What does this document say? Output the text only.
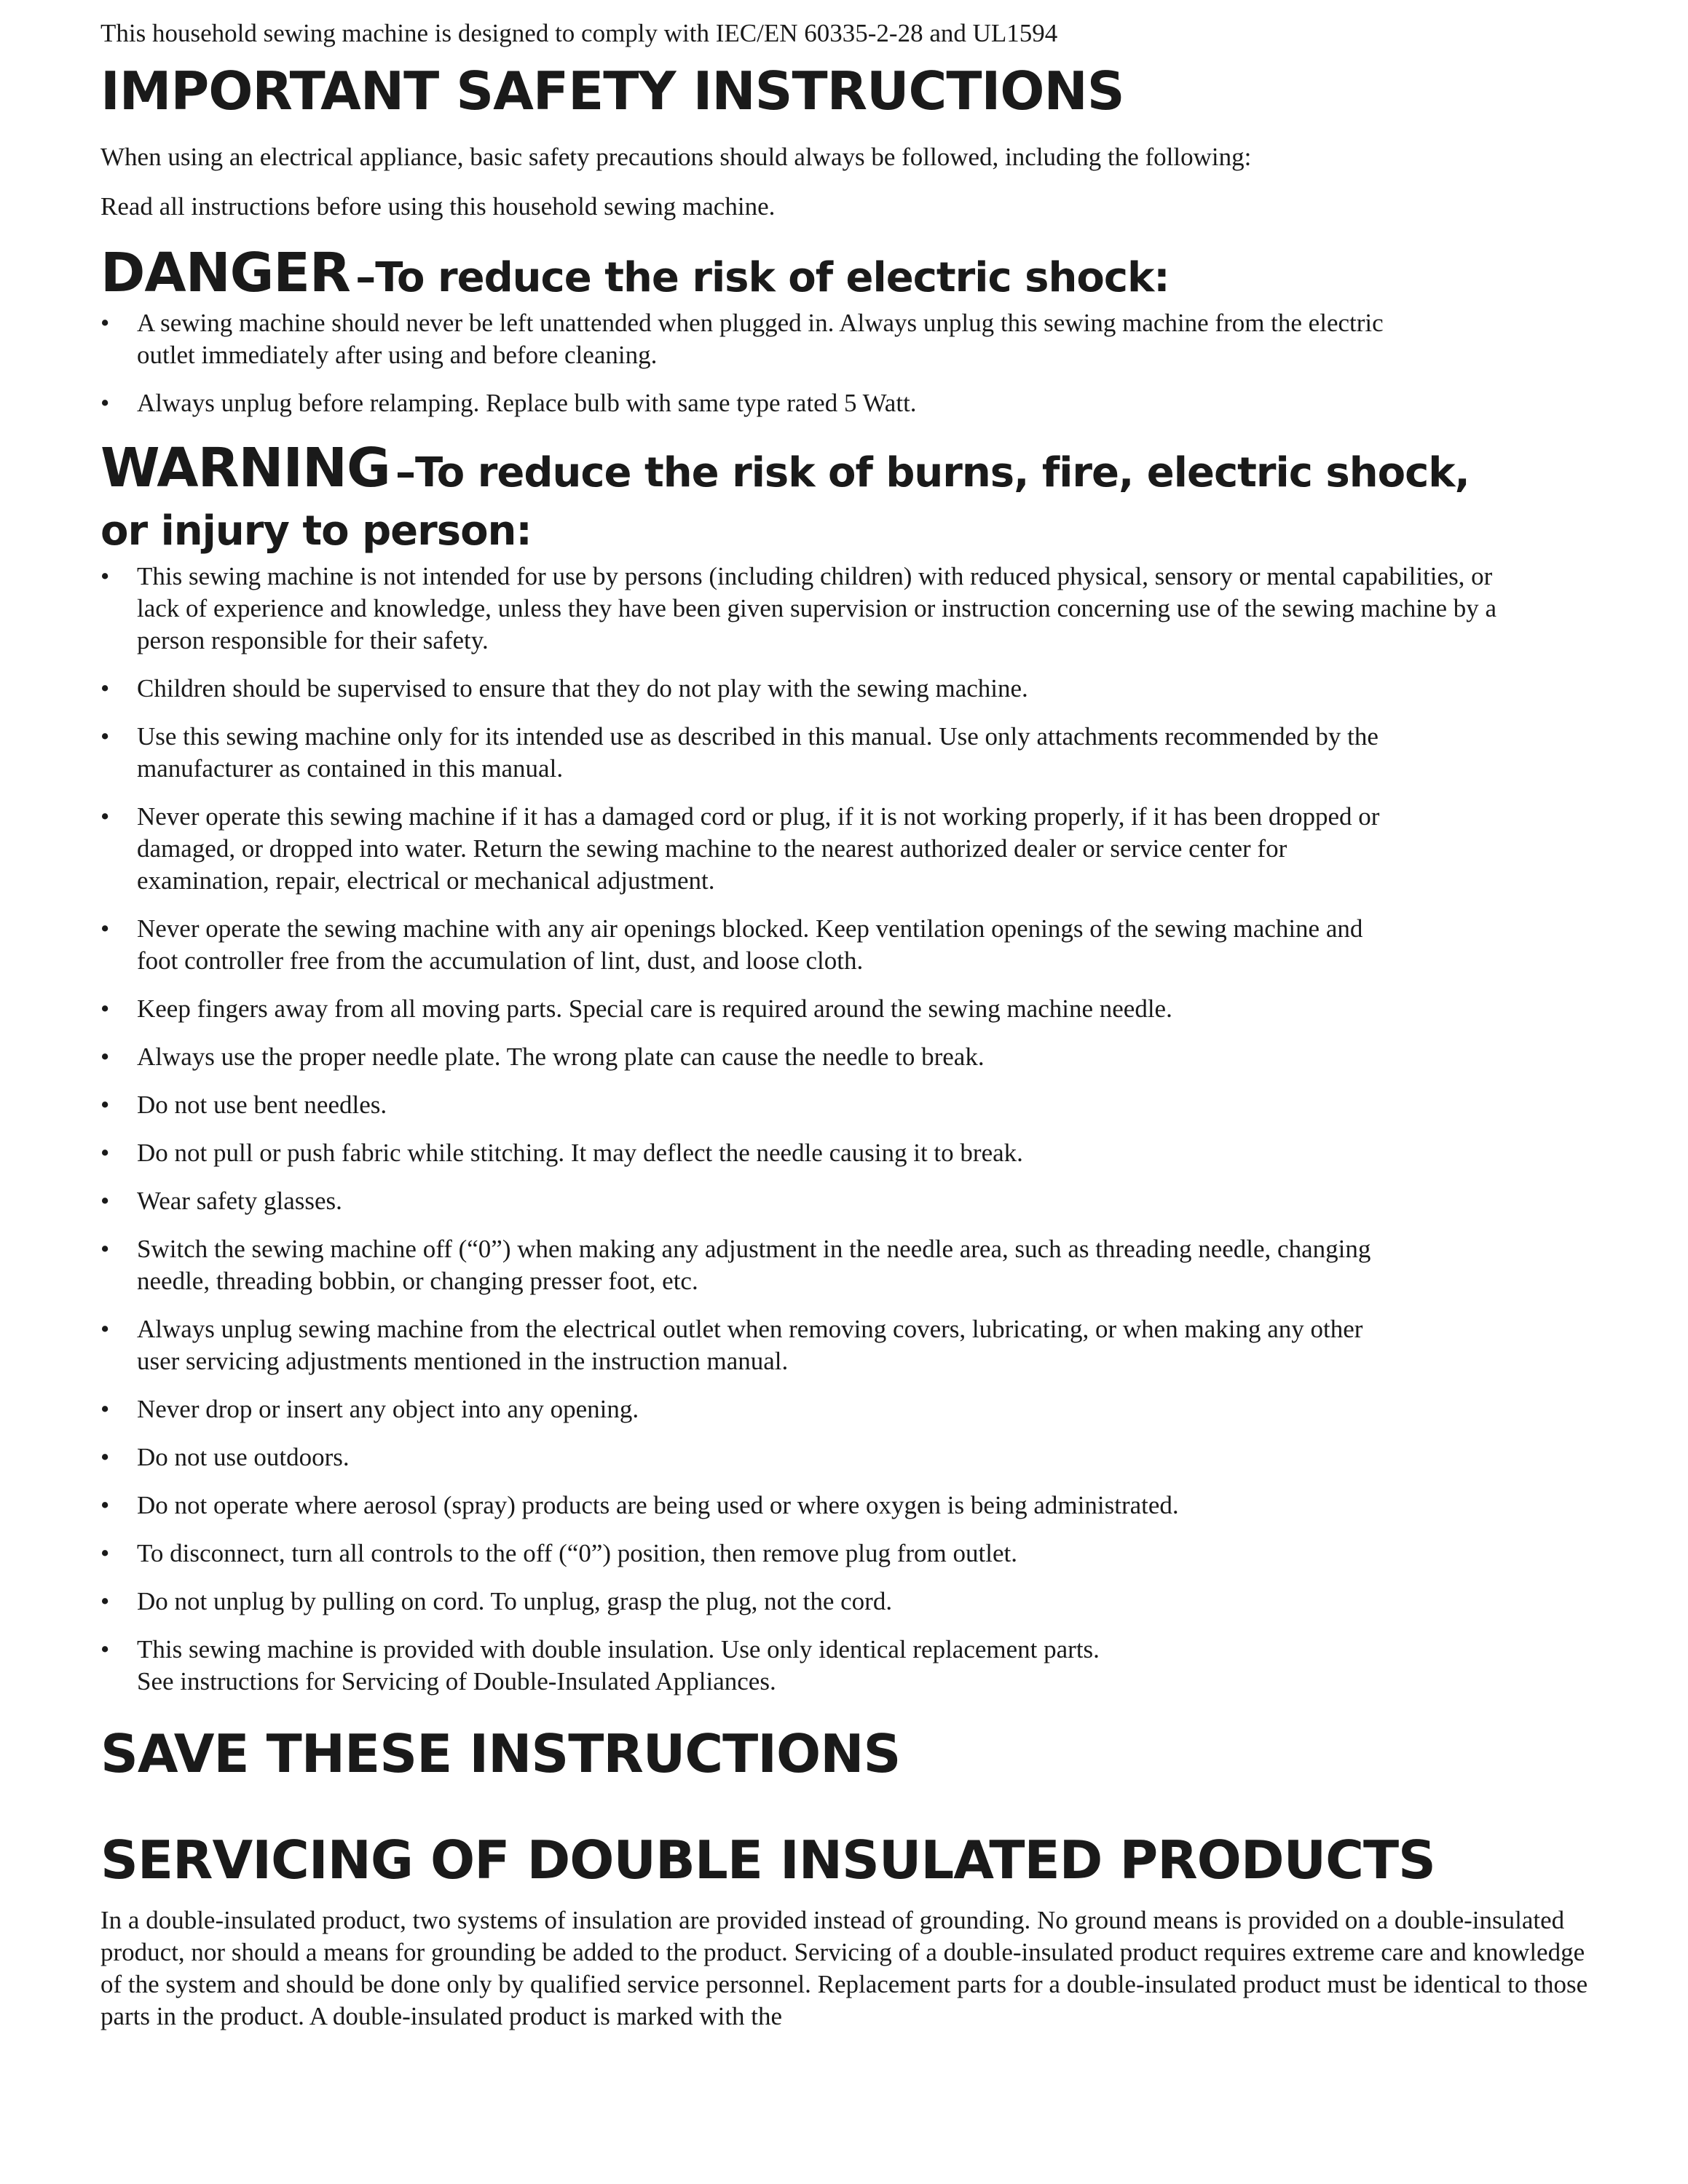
This household sewing machine is designed to comply with IEC/EN 60335-2-28 and UL1594
IMPORTANT SAFETY INSTRUCTIONS

When using an electrical appliance, basic safety precautions should always be followed, including the following:

Read all instructions before using this household sewing machine.

DANGER –To reduce the risk of electric shock:
• A sewing machine should never be left unattended when plugged in. Always unplug this sewing machine from the electric outlet immediately after using and before cleaning.
• Always unplug before relamping. Replace bulb with same type rated 5 Watt.
WARNING –To reduce the risk of burns, fire, electric shock,
or injury to person:
• This sewing machine is not intended for use by persons (including children) with reduced physical, sensory or mental capabilities, or lack of experience and knowledge, unless they have been given supervision or instruction concerning use of the sewing machine by a person responsible for their safety.
• Children should be supervised to ensure that they do not play with the sewing machine.
• Use this sewing machine only for its intended use as described in this manual. Use only attachments recommended by the manufacturer as contained in this manual.
• Never operate this sewing machine if it has a damaged cord or plug, if it is not working properly, if it has been dropped or damaged, or dropped into water. Return the sewing machine to the nearest authorized dealer or service center for examination, repair, electrical or mechanical adjustment.
• Never operate the sewing machine with any air openings blocked. Keep ventilation openings of the sewing machine and foot controller free from the accumulation of lint, dust, and loose cloth.
• Keep fingers away from all moving parts. Special care is required around the sewing machine needle.
• Always use the proper needle plate. The wrong plate can cause the needle to break.
• Do not use bent needles.
• Do not pull or push fabric while stitching. It may deflect the needle causing it to break.
• Wear safety glasses.
• Switch the sewing machine off (“0”) when making any adjustment in the needle area, such as threading needle, changing needle, threading bobbin, or changing presser foot, etc.
• Always unplug sewing machine from the electrical outlet when removing covers, lubricating, or when making any other user servicing adjustments mentioned in the instruction manual.
• Never drop or insert any object into any opening.
• Do not use outdoors.
• Do not operate where aerosol (spray) products are being used or where oxygen is being administrated.
• To disconnect, turn all controls to the off (“0”) position, then remove plug from outlet.
• Do not unplug by pulling on cord. To unplug, grasp the plug, not the cord.
• This sewing machine is provided with double insulation. Use only identical replacement parts.
See instructions for Servicing of Double-Insulated Appliances.
SAVE THESE INSTRUCTIONS
SERVICING OF DOUBLE INSULATED PRODUCTS

In a double-insulated product, two systems of insulation are provided instead of grounding. No ground means is provided on a double-insulated product, nor should a means for grounding be added to the product. Servicing of a double-insulated product requires extreme care and knowledge of the system and should be done only by qualified service personnel. Replacement parts for a double-insulated product must be identical to those parts in the product. A double-insulated product is marked with the
